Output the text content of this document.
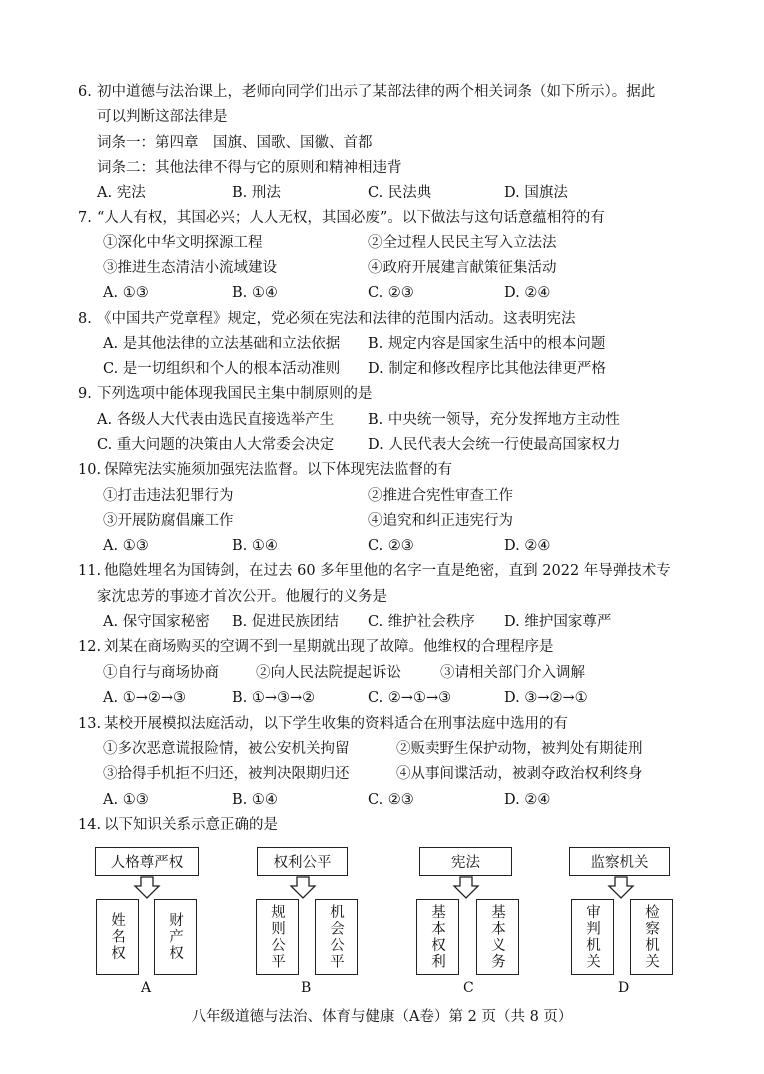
6. 初中道德与法治课上，老师向同学们出示了某部法律的两个相关词条（如下所示）。据此
可以判断这部法律是
词条一：第四章　国旗、国歌、国徽、首都
词条二：其他法律不得与它的原则和精神相违背
A. 宪法	B. 刑法	C. 民法典	D. 国旗法
7. “人人有权，其国必兴；人人无权，其国必废”。以下做法与这句话意蕴相符的有
①深化中华文明探源工程	②全过程人民民主写入立法法
③推进生态清洁小流域建设	④政府开展建言献策征集活动
A. ①③	B. ①④	C. ②③	D. ②④
8. 《中国共产党章程》规定，党必须在宪法和法律的范围内活动。这表明宪法
A. 是其他法律的立法基础和立法依据 B. 规定内容是国家生活中的根本问题
C. 是一切组织和个人的根本活动准则 D. 制定和修改程序比其他法律更严格
9. 下列选项中能体现我国民主集中制原则的是
A. 各级人大代表由选民直接选举产生 B. 中央统一领导，充分发挥地方主动性
C. 重大问题的决策由人大常委会决定 D. 人民代表大会统一行使最高国家权力
10. 保障宪法实施须加强宪法监督。以下体现宪法监督的有
①打击违法犯罪行为	②推进合宪性审查工作
③开展防腐倡廉工作	④追究和纠正违宪行为
A. ①③	B. ①④	C. ②③	D. ②④
11. 他隐姓埋名为国铸剑，在过去 60 多年里他的名字一直是绝密，直到 2022 年导弹技术专
家沈忠芳的事迹才首次公开。他履行的义务是
A. 保守国家秘密 B. 促进民族团结 C. 维护社会秩序 D. 维护国家尊严
12. 刘某在商场购买的空调不到一星期就出现了故障。他维权的合理程序是
①自行与商场协商	②向人民法院提起诉讼	③请相关部门介入调解
A. ①→②→③	B. ①→③→②	C. ②→①→③	D. ③→②→①
13. 某校开展模拟法庭活动，以下学生收集的资料适合在刑事法庭中选用的有
①多次恶意谎报险情，被公安机关拘留	②贩卖野生保护动物，被判处有期徒刑
③拾得手机拒不归还，被判决限期归还	④从事间谍活动，被剥夺政治权利终身
A. ①③	B. ①④	C. ②③	D. ②④
14. 以下知识关系示意正确的是
人格尊严权
姓名权	财产权
A
权利公平
规则公平	机会公平
B
宪法
基本权利	基本义务
C
监察机关
审判机关	检察机关
D
八年级道德与法治、体育与健康（A卷）第 2 页（共 8 页）
